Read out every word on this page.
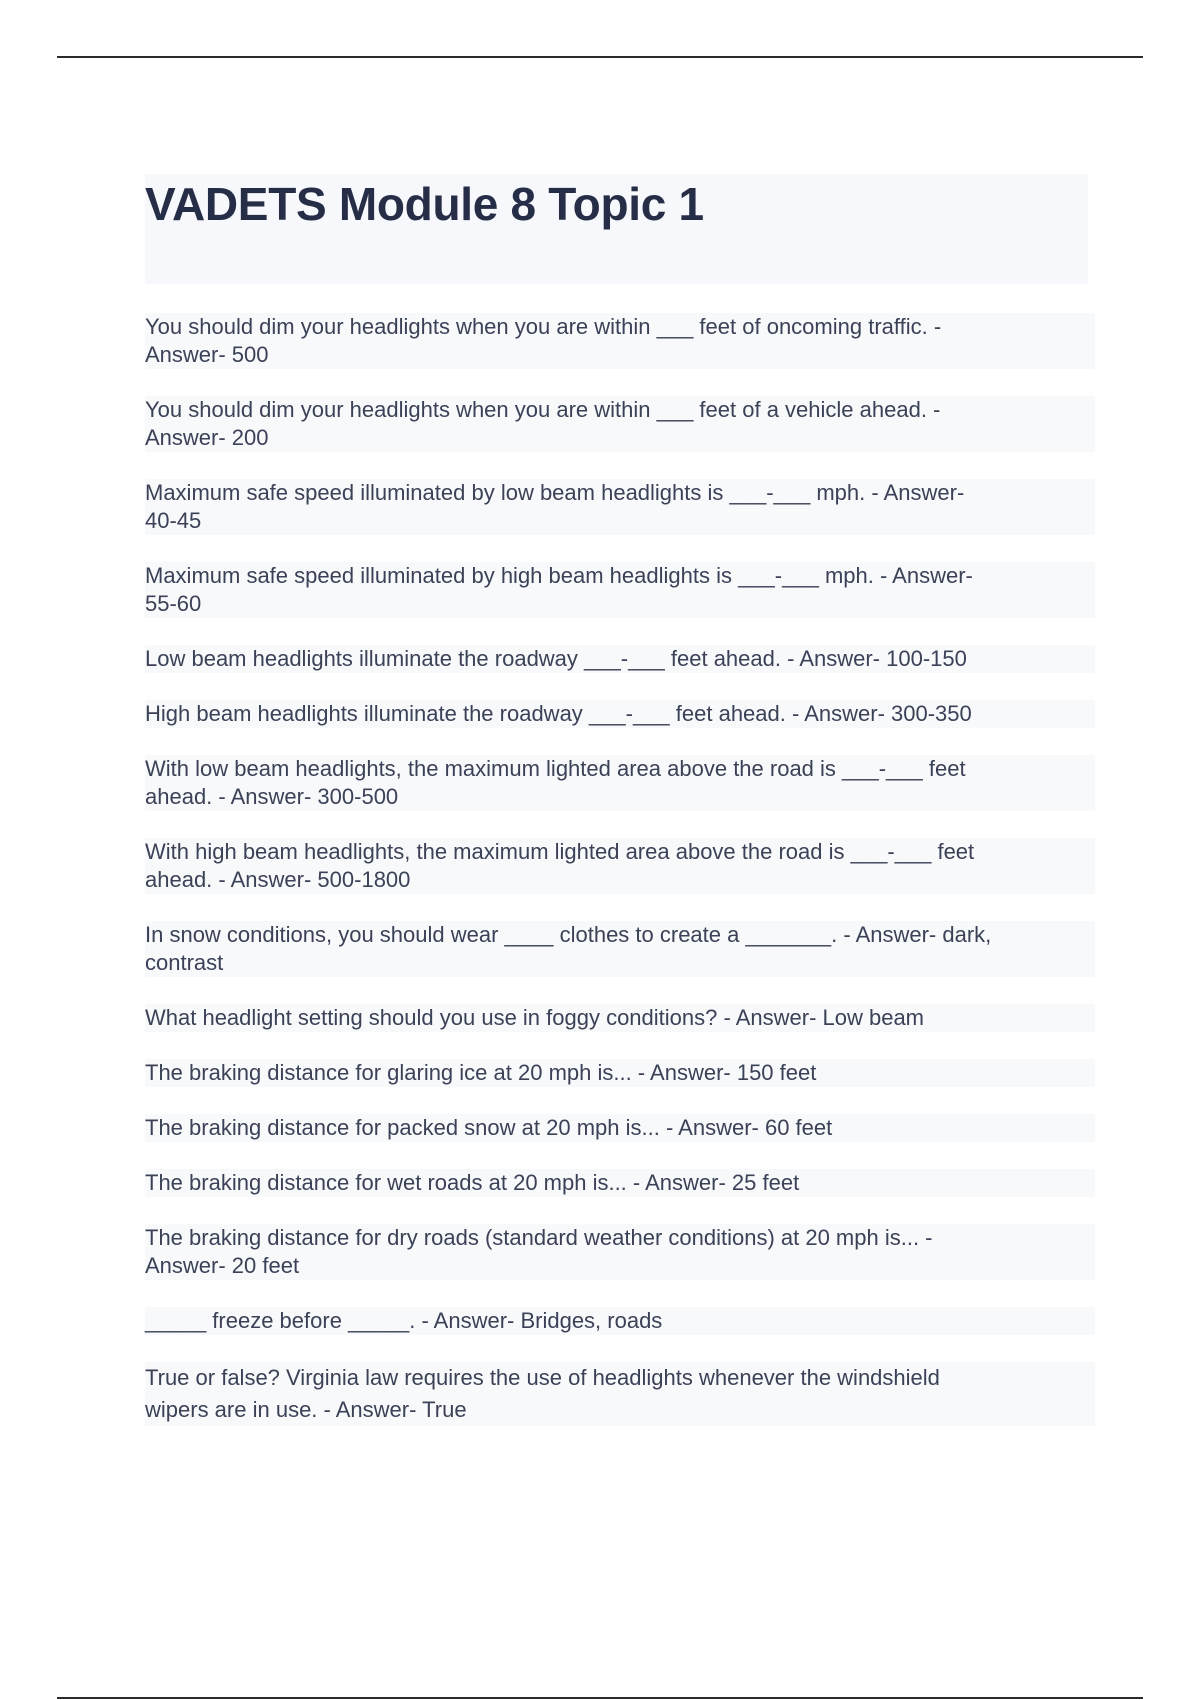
VADETS Module 8 Topic 1
You should dim your headlights when you are within ___ feet of oncoming traffic. -
Answer- 500
You should dim your headlights when you are within ___ feet of a vehicle ahead. -
Answer- 200
Maximum safe speed illuminated by low beam headlights is ___-___ mph. - Answer-
40-45
Maximum safe speed illuminated by high beam headlights is ___-___ mph. - Answer-
55-60
Low beam headlights illuminate the roadway ___-___ feet ahead. - Answer- 100-150
High beam headlights illuminate the roadway ___-___ feet ahead. - Answer- 300-350
With low beam headlights, the maximum lighted area above the road is ___-___ feet
ahead. - Answer- 300-500
With high beam headlights, the maximum lighted area above the road is ___-___ feet
ahead. - Answer- 500-1800
In snow conditions, you should wear ____ clothes to create a _______. - Answer- dark,
contrast
What headlight setting should you use in foggy conditions? - Answer- Low beam
The braking distance for glaring ice at 20 mph is... - Answer- 150 feet
The braking distance for packed snow at 20 mph is... - Answer- 60 feet
The braking distance for wet roads at 20 mph is... - Answer- 25 feet
The braking distance for dry roads (standard weather conditions) at 20 mph is... -
Answer- 20 feet
_____ freeze before _____. - Answer- Bridges, roads
True or false? Virginia law requires the use of headlights whenever the windshield
wipers are in use. - Answer- True
